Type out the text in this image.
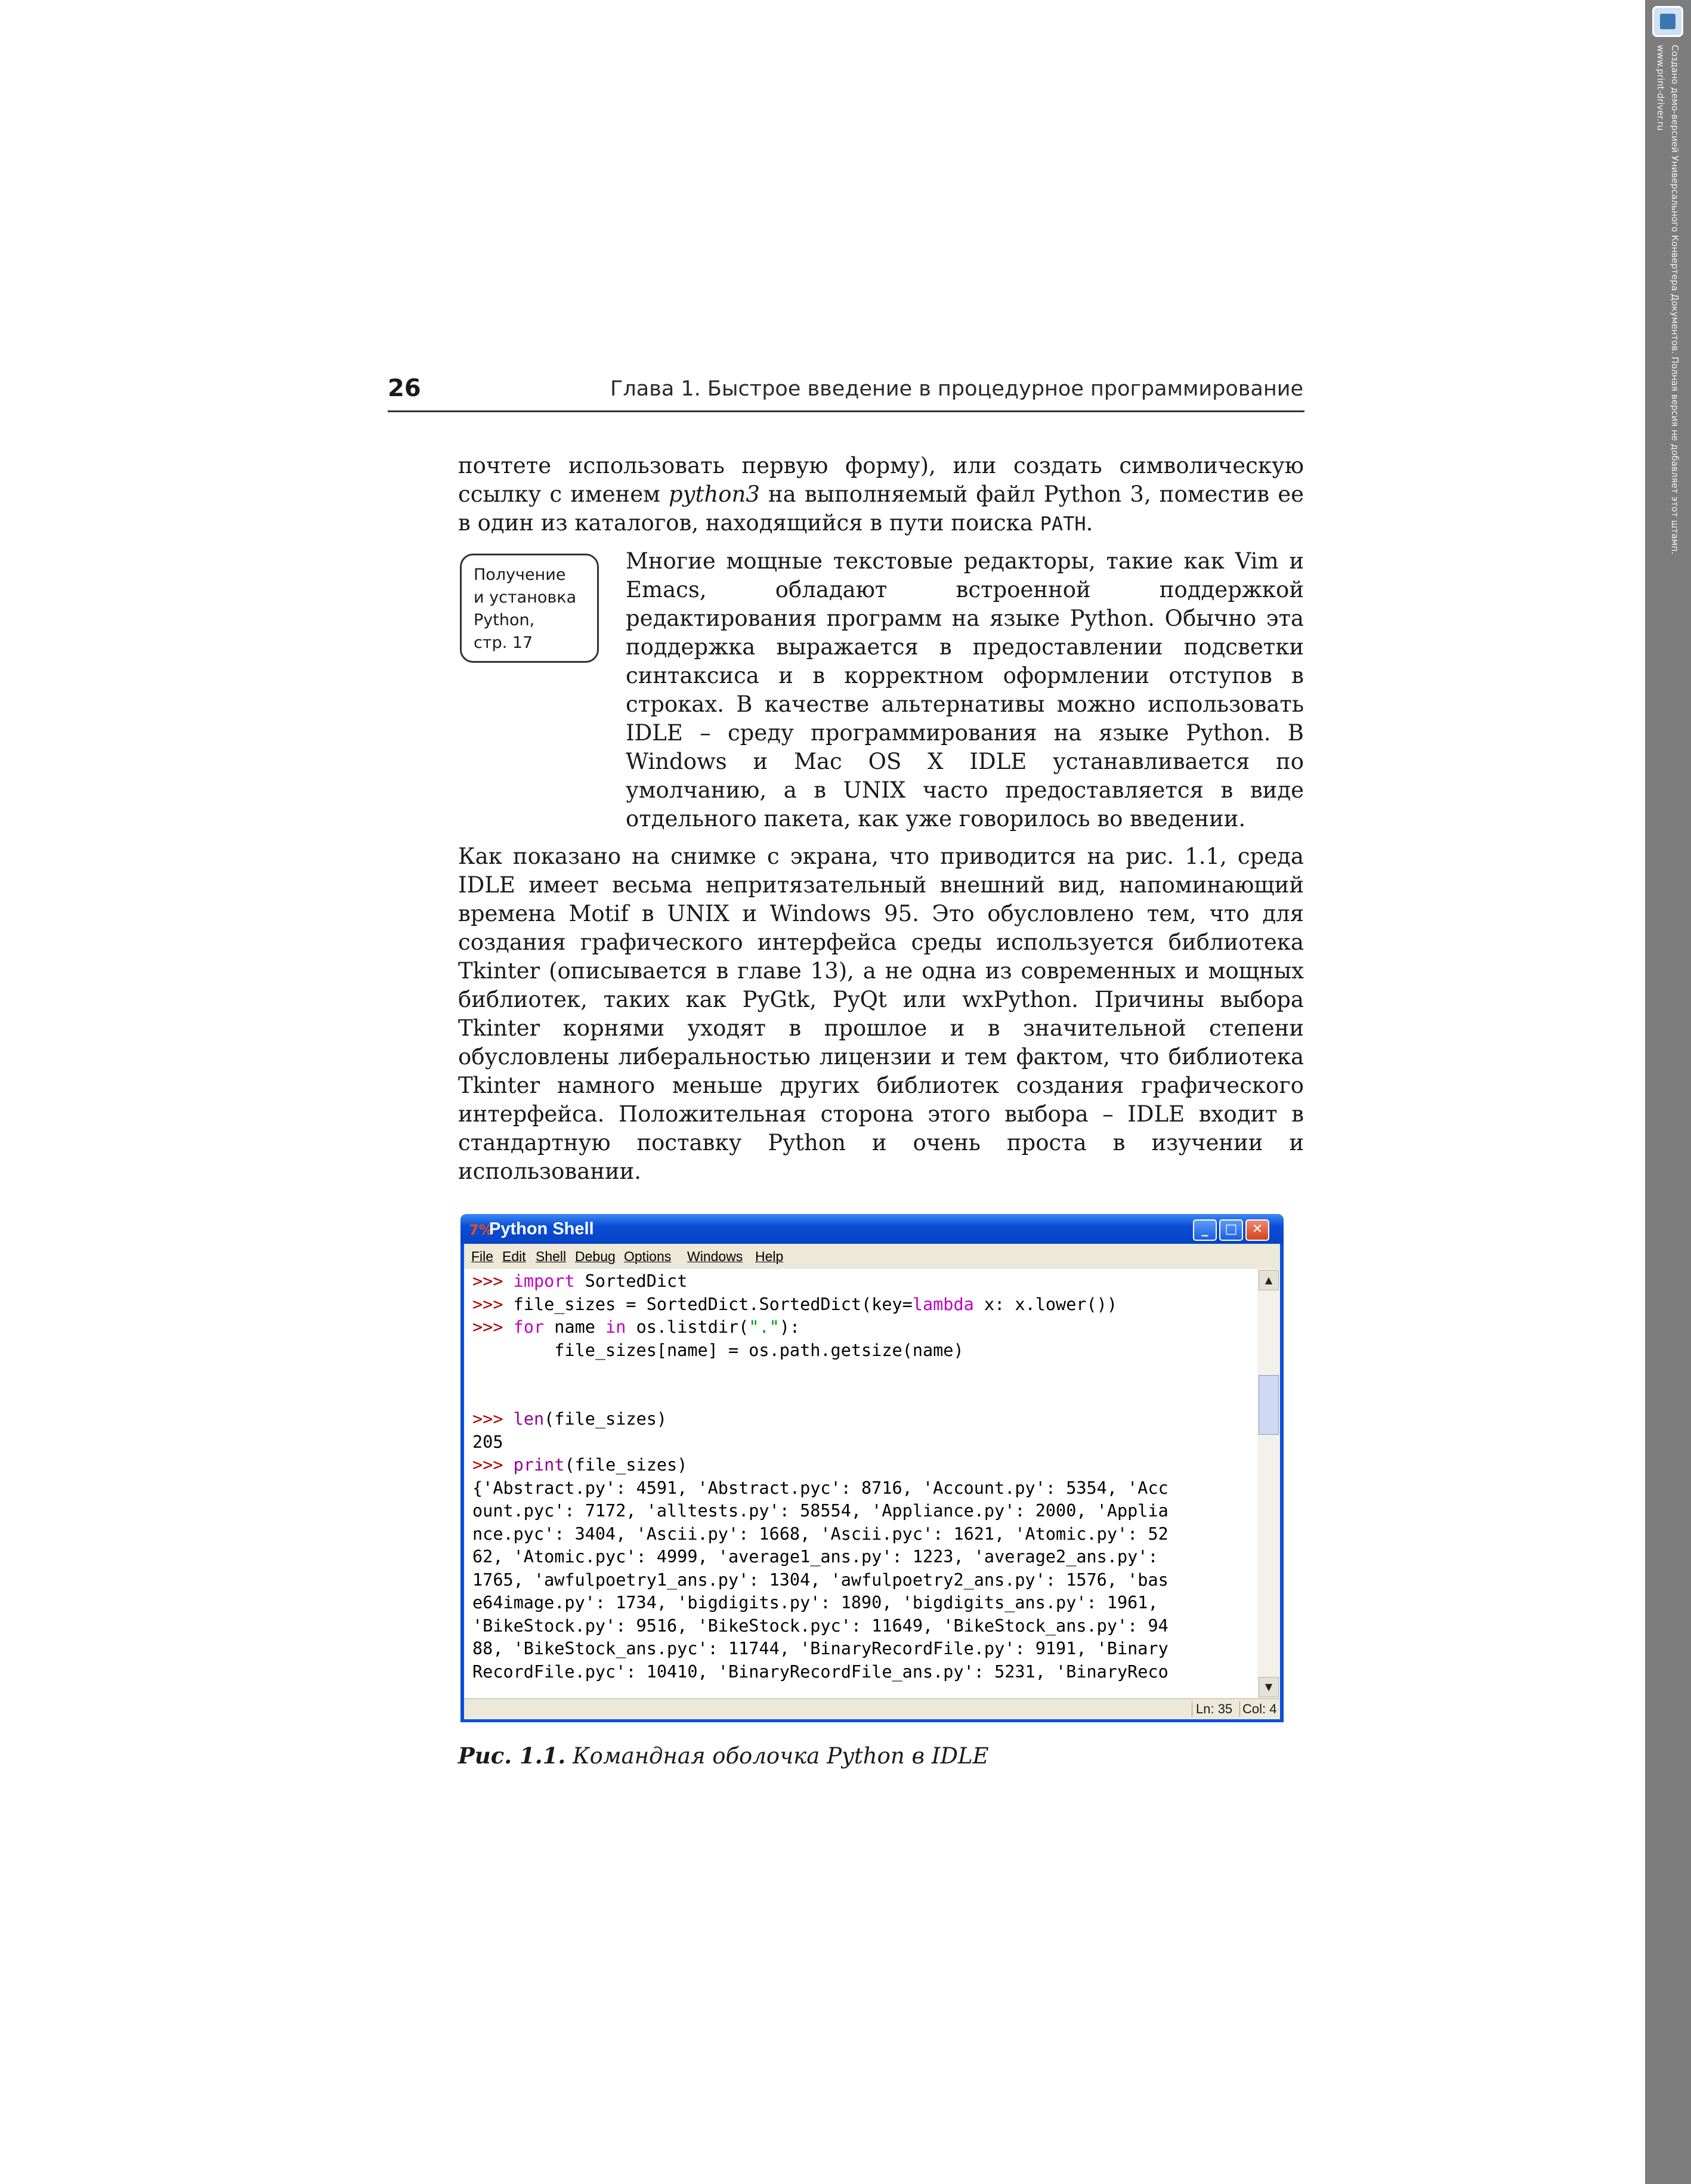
Создано демо-версией Универсального Конвертера Документов. Полная версия не добавляет этот штамп.
www.print-driver.ru
26	Глава 1. Быстрое введение в процедурное программирование

почтете использовать первую форму), или создать символическую ссылку с именем python3 на выполняемый файл Python 3, поместив ее в один из каталогов, находящийся в пути поиска PATH.

Получение
и установка
Python,
стр. 17

Многие мощные текстовые редакторы, такие как Vim и Emacs, обладают встроенной поддержкой редактирования программ на языке Python. Обычно эта поддержка выражается в предоставлении подсветки синтаксиса и в корректном оформлении отступов в строках. В качестве альтернативы можно использовать IDLE – среду программирования на языке Python. В Windows и Mac OS X IDLE устанавливается по умолчанию, а в UNIX часто предоставляется в виде отдельного пакета, как уже говорилось во введении.

Как показано на снимке с экрана, что приводится на рис. 1.1, среда IDLE имеет весьма непритязательный внешний вид, напоминающий времена Motif в UNIX и Windows 95. Это обусловлено тем, что для создания графического интерфейса среды используется библиотека Tkinter (описывается в главе 13), а не одна из современных и мощных библиотек, таких как PyGtk, PyQt или wxPython. Причины выбора Tkinter корнями уходят в прошлое и в значительной степени обусловлены либеральностью лицензии и тем фактом, что библиотека Tkinter намного меньше других библиотек создания графического интерфейса. Положительная сторона этого выбора – IDLE входит в стандартную поставку Python и очень проста в изучении и использовании.

7%
Python Shell	_	□	✕
File Edit Shell Debug Options Windows Help
>>> import SortedDict
>>> file_sizes = SortedDict.SortedDict(key=lambda x: x.lower())
>>> for name in os.listdir("."):
file_sizes[name] = os.path.getsize(name)

>>> len(file_sizes)
205
>>> print(file_sizes)
{'Abstract.py': 4591, 'Abstract.pyc': 8716, 'Account.py': 5354, 'Acc
ount.pyc': 7172, 'alltests.py': 58554, 'Appliance.py': 2000, 'Applia
nce.pyc': 3404, 'Ascii.py': 1668, 'Ascii.pyc': 1621, 'Atomic.py': 52
62, 'Atomic.pyc': 4999, 'average1_ans.py': 1223, 'average2_ans.py':
1765, 'awfulpoetry1_ans.py': 1304, 'awfulpoetry2_ans.py': 1576, 'bas
e64image.py': 1734, 'bigdigits.py': 1890, 'bigdigits_ans.py': 1961,
'BikeStock.py': 9516, 'BikeStock.pyc': 11649, 'BikeStock_ans.py': 94
88, 'BikeStock_ans.pyc': 11744, 'BinaryRecordFile.py': 9191, 'Binary
RecordFile.pyc': 10410, 'BinaryRecordFile_ans.py': 5231, 'BinaryReco
▲
▼
Ln: 35 Col: 4
Рис. 1.1. Командная оболочка Python в IDLE
